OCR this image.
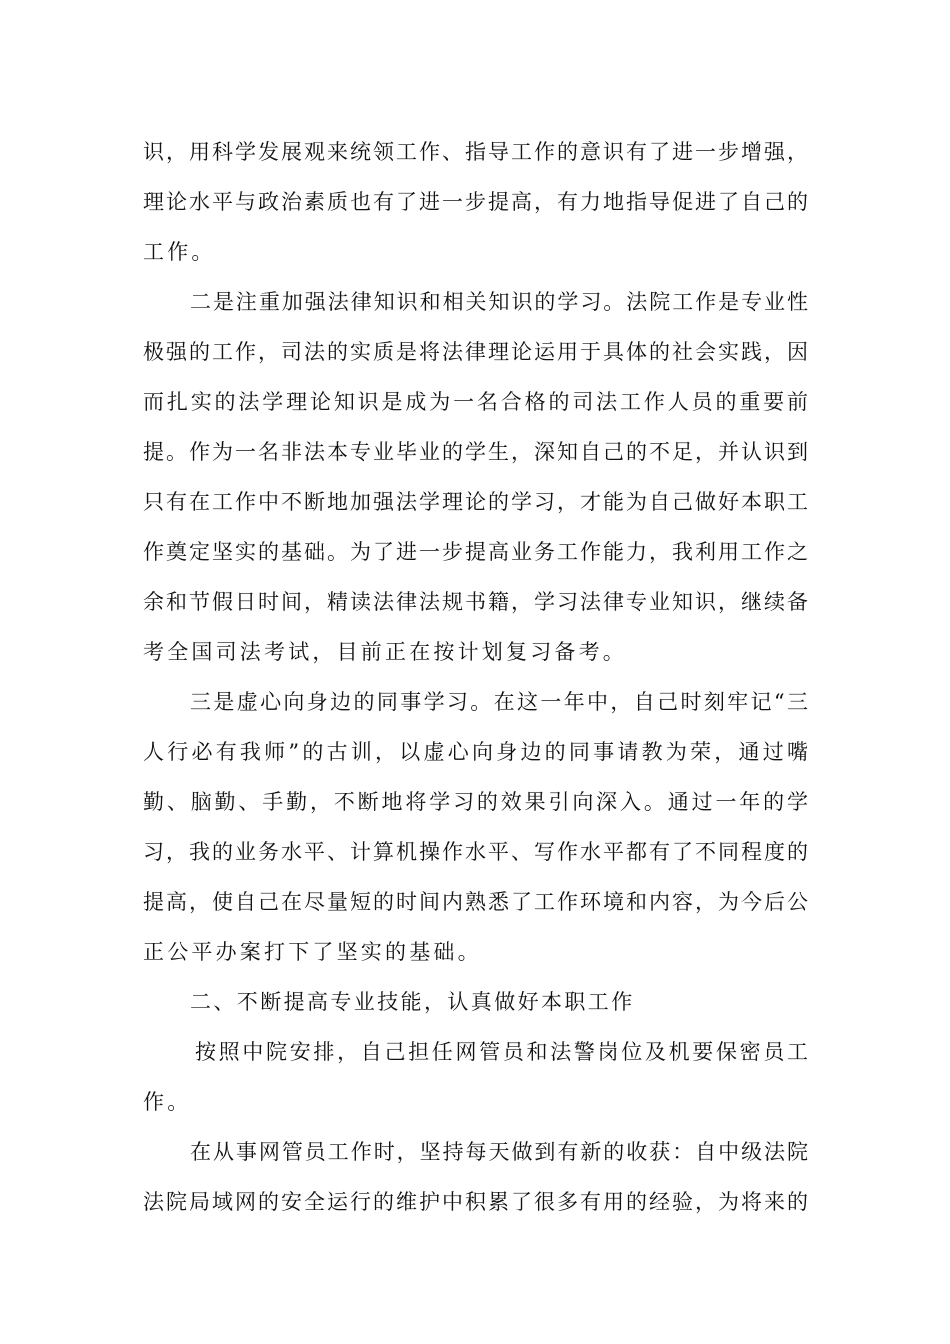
识，用科学发展观来统领工作、指导工作的意识有了进一步增强，
理论水平与政治素质也有了进一步提高，有力地指导促进了自己的
工作。
二是注重加强法律知识和相关知识的学习。法院工作是专业性
极强的工作，司法的实质是将法律理论运用于具体的社会实践，因
而扎实的法学理论知识是成为一名合格的司法工作人员的重要前
提。作为一名非法本专业毕业的学生，深知自己的不足，并认识到
只有在工作中不断地加强法学理论的学习，才能为自己做好本职工
作奠定坚实的基础。为了进一步提高业务工作能力，我利用工作之
余和节假日时间，精读法律法规书籍，学习法律专业知识，继续备
考全国司法考试，目前正在按计划复习备考。
三是虚心向身边的同事学习。在这一年中，自己时刻牢记“三
人行必有我师”的古训，以虚心向身边的同事请教为荣，通过嘴
勤、脑勤、手勤，不断地将学习的效果引向深入。通过一年的学
习，我的业务水平、计算机操作水平、写作水平都有了不同程度的
提高，使自己在尽量短的时间内熟悉了工作环境和内容，为今后公
正公平办案打下了坚实的基础。
二、不断提高专业技能，认真做好本职工作
按照中院安排，自己担任网管员和法警岗位及机要保密员工
作。
在从事网管员工作时，坚持每天做到有新的收获：自中级法院
法院局域网的安全运行的维护中积累了很多有用的经验，为将来的
